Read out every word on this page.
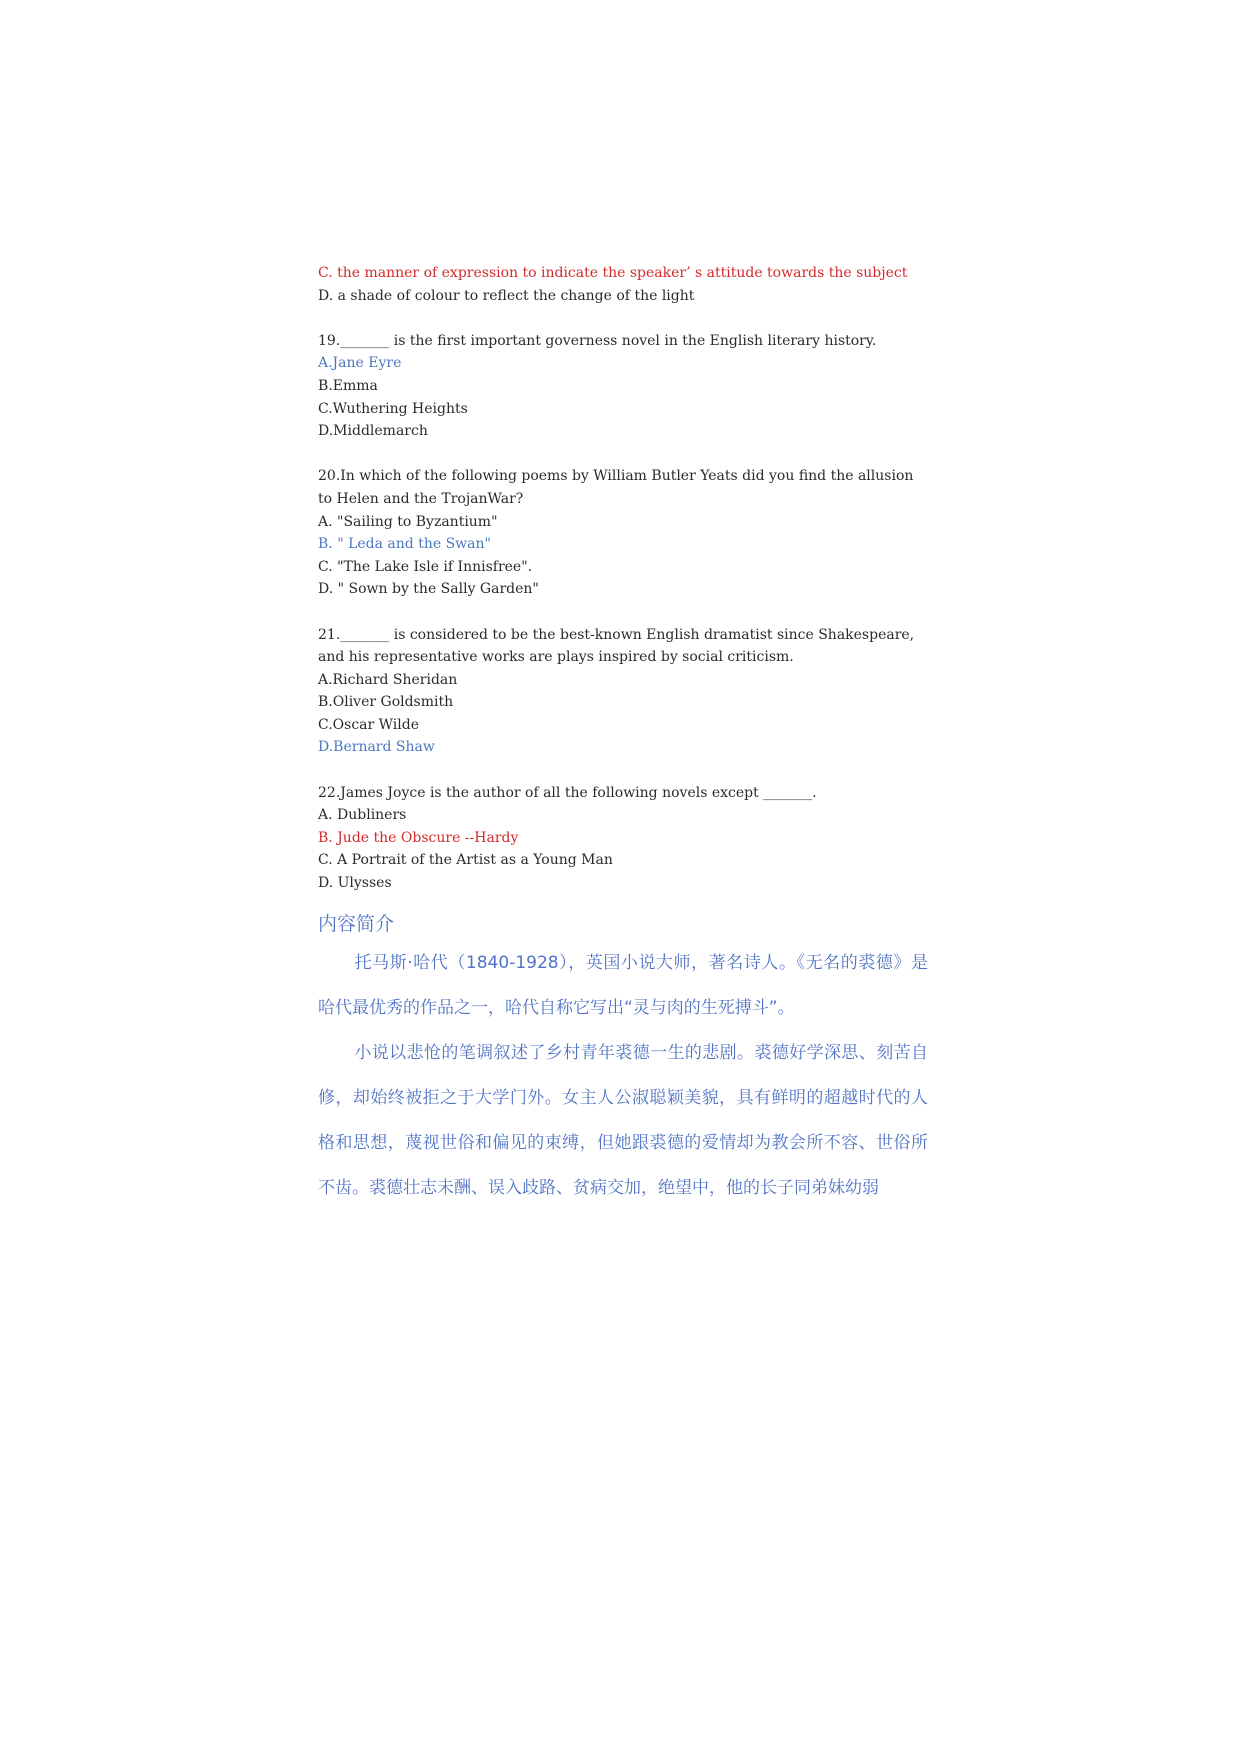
C. the manner of expression to indicate the speaker’ s attitude towards the subject
D. a shade of colour to reflect the change of the light
19._______ is the first important governess novel in the English literary history.
A.Jane Eyre
B.Emma
C.Wuthering Heights
D.Middlemarch
20.In which of the following poems by William Butler Yeats did you find the allusion
to Helen and the TrojanWar?
A. "Sailing to Byzantium"
B. " Leda and the Swan"
C. "The Lake Isle if Innisfree".
D. " Sown by the Sally Garden"
21._______ is considered to be the best-known English dramatist since Shakespeare,
and his representative works are plays inspired by social criticism.
A.Richard Sheridan
B.Oliver Goldsmith
C.Oscar Wilde
D.Bernard Shaw
22.James Joyce is the author of all the following novels except _______.
A. Dubliners
B. Jude the Obscure --Hardy
C. A Portrait of the Artist as a Young Man
D. Ulysses
内容简介
托马斯·哈代（1840-1928），英国小说大师，著名诗人。《无名的裘德》是哈代最优秀的作品之一，哈代自称它写出“灵与肉的生死搏斗”。
小说以悲怆的笔调叙述了乡村青年裘德一生的悲剧。裘德好学深思、刻苦自修，却始终被拒之于大学门外。女主人公淑聪颖美貌，具有鲜明的超越时代的人格和思想，蔑视世俗和偏见的束缚，但她跟裘德的爱情却为教会所不容、世俗所不齿。裘德壮志未酬、误入歧路、贫病交加，绝望中，他的长子同弟妹幼弱
